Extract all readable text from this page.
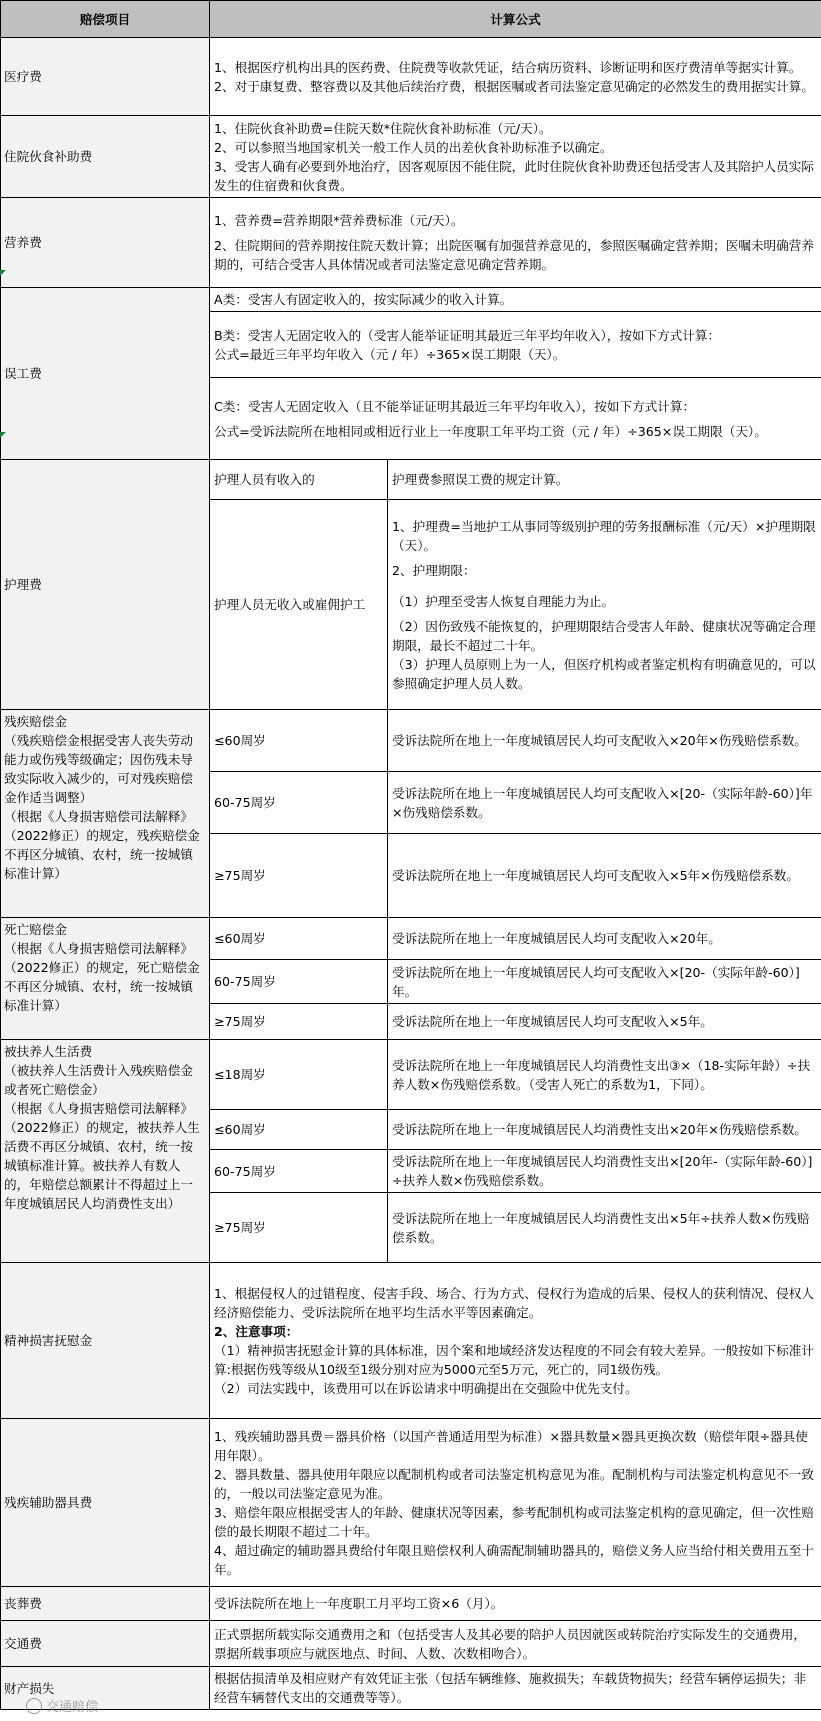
赔偿项目	计算公式	
医疗费	1、根据医疗机构出具的医药费、住院费等收款凭证，结合病历资料、诊断证明和医疗费清单等据实计算。
2、对于康复费、整容费以及其他后续治疗费，根据医嘱或者司法鉴定意见确定的必然发生的费用据实计算。	

住院伙食补助费	1、住院伙食补助费=住院天数*住院伙食补助标准（元/天）。
2、可以参照当地国家机关一般工作人员的出差伙食补助标准予以确定。
3、受害人确有必要到外地治疗，因客观原因不能住院，此时住院伙食补助费还包括受害人及其陪护人员实际发生的住宿费和伙食费。	

营养费	1、营养费=营养期限*营养费标准（元/天）。
2、住院期间的营养期按住院天数计算；出院医嘱有加强营养意见的，参照医嘱确定营养期；医嘱未明确营养期的，可结合受害人具体情况或者司法鉴定意见确定营养期。	

误工费	A类：受害人有固定收入的，按实际减少的收入计算。	

	B类：受害人无固定收入的（受害人能举证证明其最近三年平均年收入），按如下方式计算：
公式=最近三年平均年收入（元 / 年）÷365×误工期限（天）。	

	C类：受害人无固定收入（且不能举证证明其最近三年平均年收入），按如下方式计算：
公式=受诉法院所在地相同或相近行业上一年度职工年平均工资（元 / 年）÷365×误工期限（天）。	

护理费	护理人员有收入的	护理费参照误工费的规定计算。
	护理人员无收入或雇佣护工	1、护理费=当地护工从事同等级别护理的劳务报酬标准（元/天）×护理期限（天）。
2、护理期限：
（1）护理至受害人恢复自理能力为止。
（2）因伤致残不能恢复的，护理期限结合受害人年龄、健康状况等确定合理期限，最长不超过二十年。
（3）护理人员原则上为一人，但医疗机构或者鉴定机构有明确意见的，可以参照确定护理人员人数。

残疾赔偿金
（残疾赔偿金根据受害人丧失劳动能力或伤残等级确定；因伤残未导致实际收入减少的，可对残疾赔偿金作适当调整）
（根据《人身损害赔偿司法解释》（2022修正）的规定，残疾赔偿金不再区分城镇、农村，统一按城镇标准计算）	≤60周岁	受诉法院所在地上一年度城镇居民人均可支配收入×20年×伤残赔偿系数。
	60-75周岁	受诉法院所在地上一年度城镇居民人均可支配收入×[20-（实际年龄-60）]年×伤残赔偿系数。
	≥75周岁	受诉法院所在地上一年度城镇居民人均可支配收入×5年×伤残赔偿系数。

死亡赔偿金
（根据《人身损害赔偿司法解释》（2022修正）的规定，死亡赔偿金不再区分城镇、农村，统一按城镇标准计算）	≤60周岁	受诉法院所在地上一年度城镇居民人均可支配收入×20年。
	60-75周岁	受诉法院所在地上一年度城镇居民人均可支配收入×[20-（实际年龄-60）]年。
	≥75周岁	受诉法院所在地上一年度城镇居民人均可支配收入×5年。

被扶养人生活费
（被扶养人生活费计入残疾赔偿金或者死亡赔偿金）
（根据《人身损害赔偿司法解释》（2022修正）的规定，被扶养人生活费不再区分城镇、农村，统一按城镇标准计算。被扶养人有数人的，年赔偿总额累计不得超过上一年度城镇居民人均消费性支出）	≤18周岁	受诉法院所在地上一年度城镇居民人均消费性支出③×（18-实际年龄）÷扶养人数×伤残赔偿系数。（受害人死亡的系数为1，下同）。
	≤60周岁	受诉法院所在地上一年度城镇居民人均消费性支出×20年×伤残赔偿系数。
	60-75周岁	受诉法院所在地上一年度城镇居民人均消费性支出×[20年-（实际年龄-60）]÷扶养人数×伤残赔偿系数。
	≥75周岁	受诉法院所在地上一年度城镇居民人均消费性支出×5年÷扶养人数×伤残赔偿系数。
精神损害抚慰金	1、根据侵权人的过错程度、侵害手段、场合、行为方式、侵权行为造成的后果、侵权人的获利情况、侵权人经济赔偿能力、受诉法院所在地平均生活水平等因素确定。
2、注意事项：
（1）精神损害抚慰金计算的具体标准，因个案和地域经济发达程度的不同会有较大差异。一般按如下标准计算:根据伤残等级从10级至1级分别对应为5000元至5万元，死亡的，同1级伤残。
（2）司法实践中，该费用可以在诉讼请求中明确提出在交强险中优先支付。	

残疾辅助器具费	1、残疾辅助器具费＝器具价格（以国产普通适用型为标准）×器具数量×器具更换次数（赔偿年限÷器具使用年限）。
2、器具数量、器具使用年限应以配制机构或者司法鉴定机构意见为准。配制机构与司法鉴定机构意见不一致的，一般以司法鉴定意见为准。
3、赔偿年限应根据受害人的年龄、健康状况等因素，参考配制机构或司法鉴定机构的意见确定，但一次性赔偿的最长期限不超过二十年。
4、超过确定的辅助器具费给付年限且赔偿权利人确需配制辅助器具的，赔偿义务人应当给付相关费用五至十年。	

丧葬费	受诉法院所在地上一年度职工月平均工资×6（月）。	
交通费	正式票据所载实际交通费用之和（包括受害人及其必要的陪护人员因就医或转院治疗实际发生的交通费用，票据所载事项应与就医地点、时间、人数、次数相吻合）。	
财产损失	根据估损清单及相应财产有效凭证主张（包括车辆维修、施救损失；车载货物损失；经营车辆停运损失；非经营车辆替代支出的交通费等等）。	
交通赔偿
